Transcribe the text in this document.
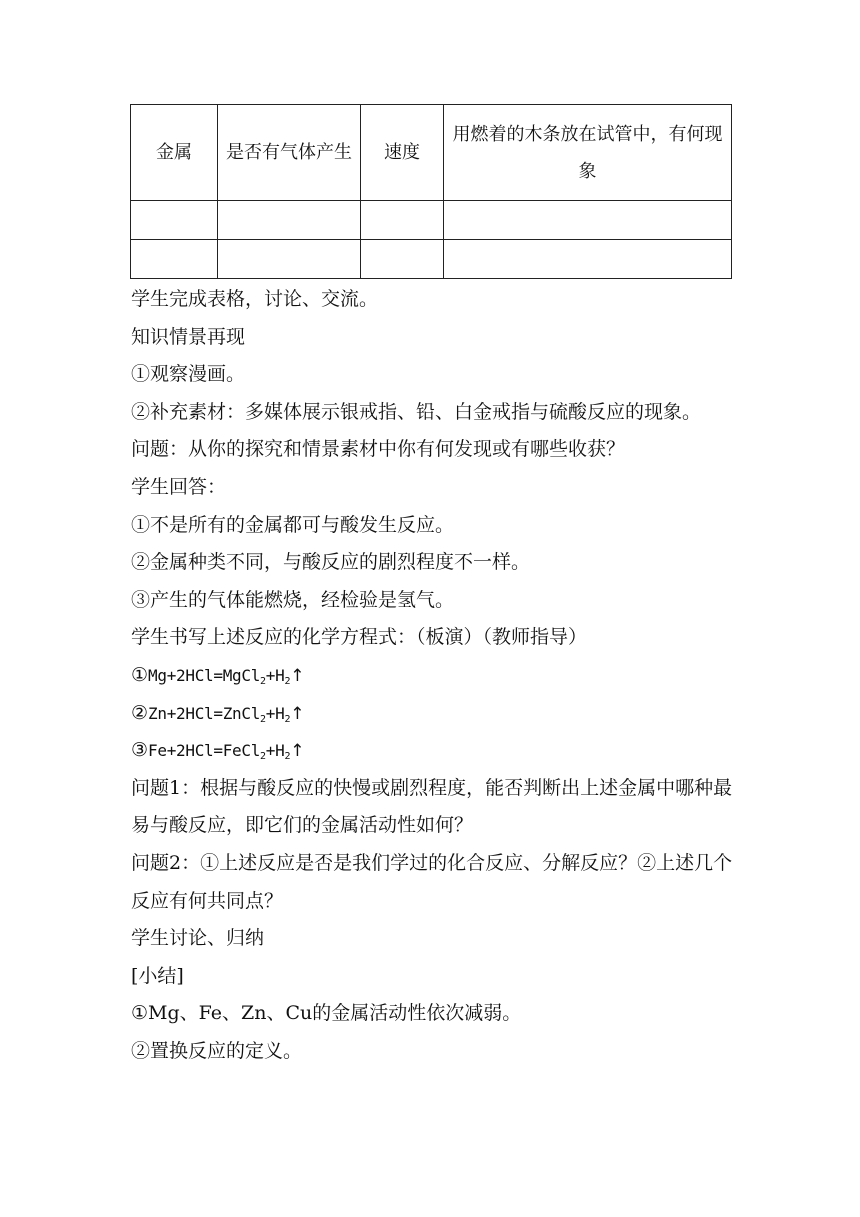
金属	是否有气体产生	速度	用燃着的木条放在试管中，有何现象

学生完成表格，讨论、交流。
知识情景再现
①观察漫画。
②补充素材：多媒体展示银戒指、铅、白金戒指与硫酸反应的现象。
问题：从你的探究和情景素材中你有何发现或有哪些收获？
学生回答：
①不是所有的金属都可与酸发生反应。
②金属种类不同，与酸反应的剧烈程度不一样。
③产生的气体能燃烧，经检验是氢气。
学生书写上述反应的化学方程式：（板演）（教师指导）
$①Mg+2HCl=MgCl_2+H_2↑$
$②Zn+2HCl=ZnCl_2+H_2↑$
$③Fe+2HCl=FeCl_2+H_2↑$
问题1：根据与酸反应的快慢或剧烈程度，能否判断出上述金属中哪种最易与酸反应，即它们的金属活动性如何？
问题2：①上述反应是否是我们学过的化合反应、分解反应？②上述几个反应有何共同点？
学生讨论、归纳
[小结]
①Mg、Fe、Zn、Cu的金属活动性依次减弱。
②置换反应的定义。
